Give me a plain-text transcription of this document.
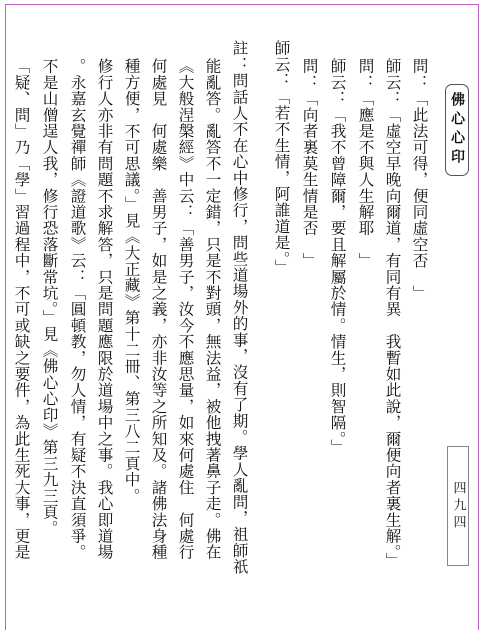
佛心心印
問：「此法可得，便同虛空否　」
師云：「虛空早晚向爾道，有同有異　我暫如此說，爾便向者裏生解。」
問：「應是不與人生解耶　」
師云：「我不曾障爾，要且解屬於情。情生，則智隔。」
問：「向者裏莫生情是否　」
師云：「若不生情，阿誰道是。」
註：問話人不在心中修行，問些道場外的事，沒有了期。學人亂問，祖師祇
能亂答。亂答不一定錯，只是不對頭，無法益，被他拽著鼻子走。佛在
《大般涅槃經》中云：「善男子，汝今不應思量，如來何處住　何處行
何處見　何處樂　善男子，如是之義，亦非汝等之所知及。諸佛法身種
種方便，不可思議。」見《大正藏》第十二冊、第三八二頁中。
修行人亦非有問題不求解答，只是問題應限於道場中之事。我心即道場
。永嘉玄覺禪師《證道歌》云：「圓頓教，勿人情，有疑不決直須爭。
不是山僧逞人我，修行恐落斷常坑。」見《佛心心印》第三九三頁。
「疑、問」乃「學」習過程中，不可或缺之要件，為此生死大事，更是	四九四
